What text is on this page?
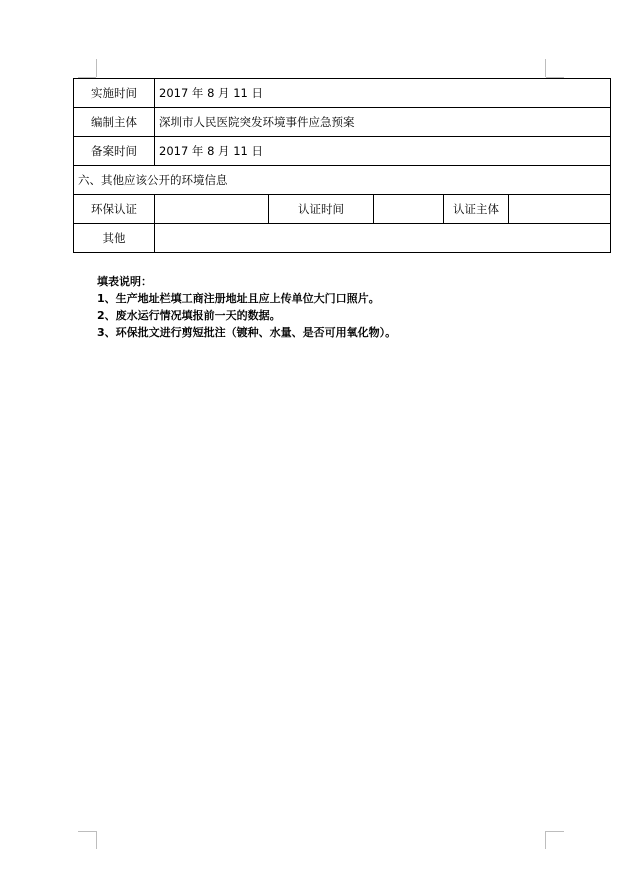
实施时间	2017 年 8 月 11 日				
编制主体	深圳市人民医院突发环境事件应急预案				
备案时间	2017 年 8 月 11 日				
六、其他应该公开的环境信息					
环保认证		认证时间		认证主体	
其他					
填表说明：
1、生产地址栏填工商注册地址且应上传单位大门口照片。
2、废水运行情况填报前一天的数据。
3、环保批文进行剪短批注（镀种、水量、是否可用氧化物）。
